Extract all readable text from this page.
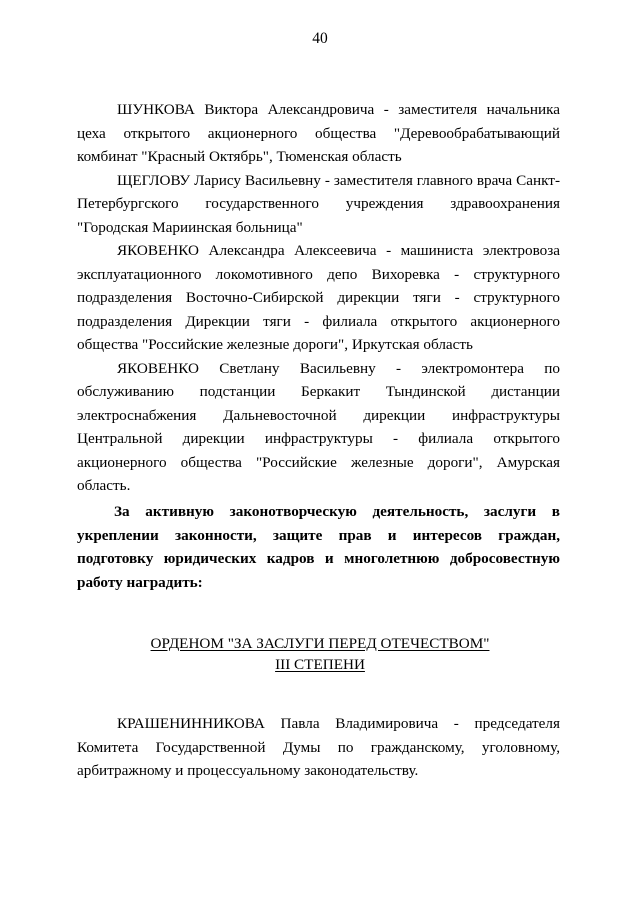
40

ШУНКОВА Виктора Александровича - заместителя начальника цеха открытого акционерного общества "Деревообрабатывающий комбинат "Красный Октябрь", Тюменская область

ЩЕГЛОВУ Ларису Васильевну - заместителя главного врача Санкт-Петербургского государственного учреждения здравоохранения "Городская Мариинская больница"

ЯКОВЕНКО Александра Алексеевича - машиниста электровоза эксплуатационного локомотивного депо Вихоревка - структурного подразделения Восточно-Сибирской дирекции тяги - структурного подразделения Дирекции тяги - филиала открытого акционерного общества "Российские железные дороги", Иркутская область

ЯКОВЕНКО Светлану Васильевну - электромонтера по обслуживанию подстанции Беркакит Тындинской дистанции электроснабжения Дальневосточной дирекции инфраструктуры Центральной дирекции инфраструктуры - филиала открытого акционерного общества "Российские железные дороги", Амурская область.

За активную законотворческую деятельность, заслуги в укреплении законности, защите прав и интересов граждан, подготовку юридических кадров и многолетнюю добросовестную работу наградить:

ОРДЕНОМ "ЗА ЗАСЛУГИ ПЕРЕД ОТЕЧЕСТВОМ"
III СТЕПЕНИ

КРАШЕНИННИКОВА Павла Владимировича - председателя Комитета Государственной Думы по гражданскому, уголовному, арбитражному и процессуальному законодательству.
